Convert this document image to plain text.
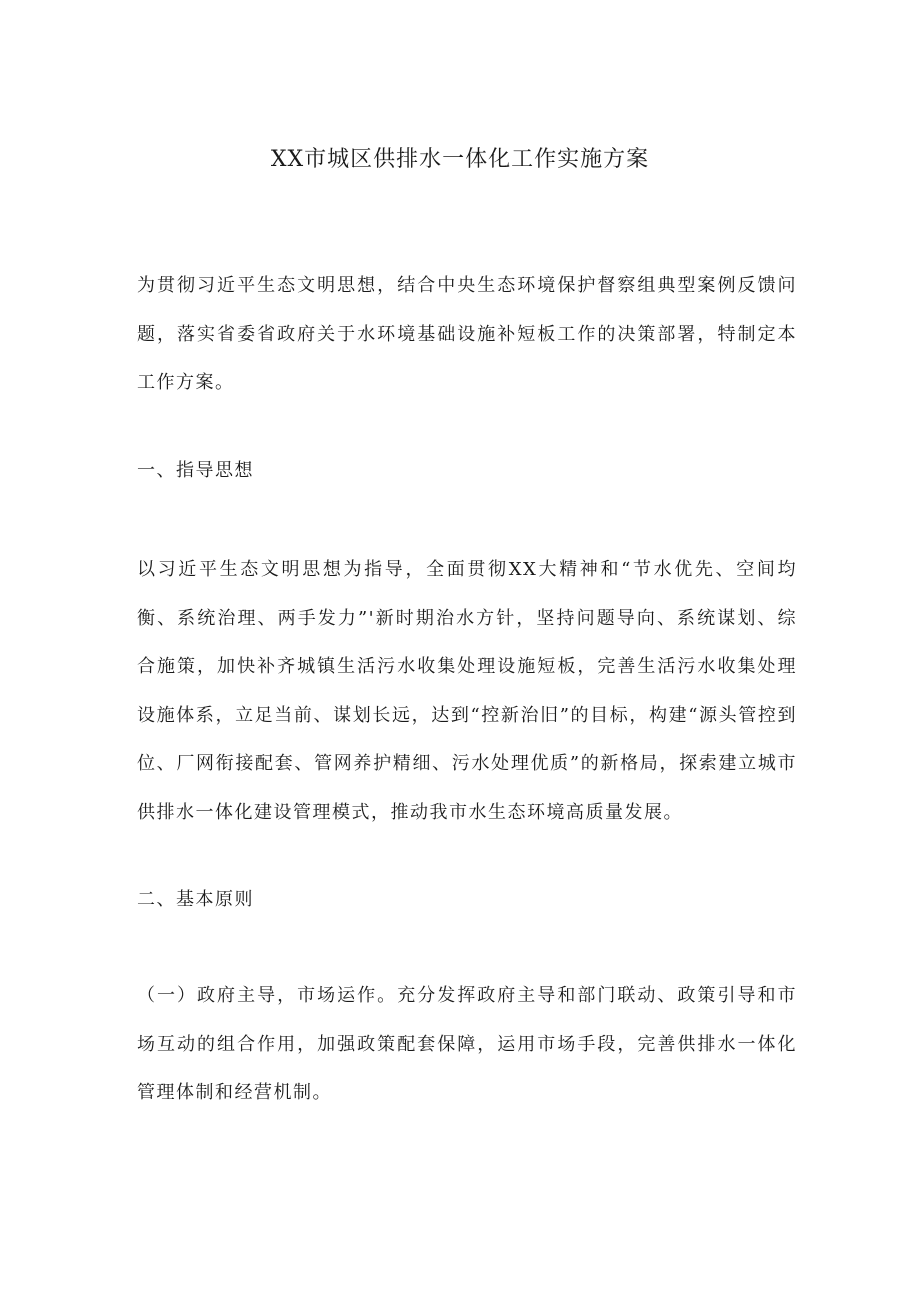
XX市城区供排水一体化工作实施方案

为贯彻习近平生态文明思想，结合中央生态环境保护督察组典型案例反馈问题，落实省委省政府关于水环境基础设施补短板工作的决策部署，特制定本工作方案。

一、指导思想

以习近平生态文明思想为指导，全面贯彻XX大精神和“节水优先、空间均衡、系统治理、两手发力”'新时期治水方针，坚持问题导向、系统谋划、综合施策，加快补齐城镇生活污水收集处理设施短板，完善生活污水收集处理设施体系，立足当前、谋划长远，达到“控新治旧”的目标，构建“源头管控到位、厂网衔接配套、管网养护精细、污水处理优质”的新格局，探索建立城市供排水一体化建设管理模式，推动我市水生态环境高质量发展。

二、基本原则

（一）政府主导，市场运作。充分发挥政府主导和部门联动、政策引导和市场互动的组合作用，加强政策配套保障，运用市场手段，完善供排水一体化管理体制和经营机制。
